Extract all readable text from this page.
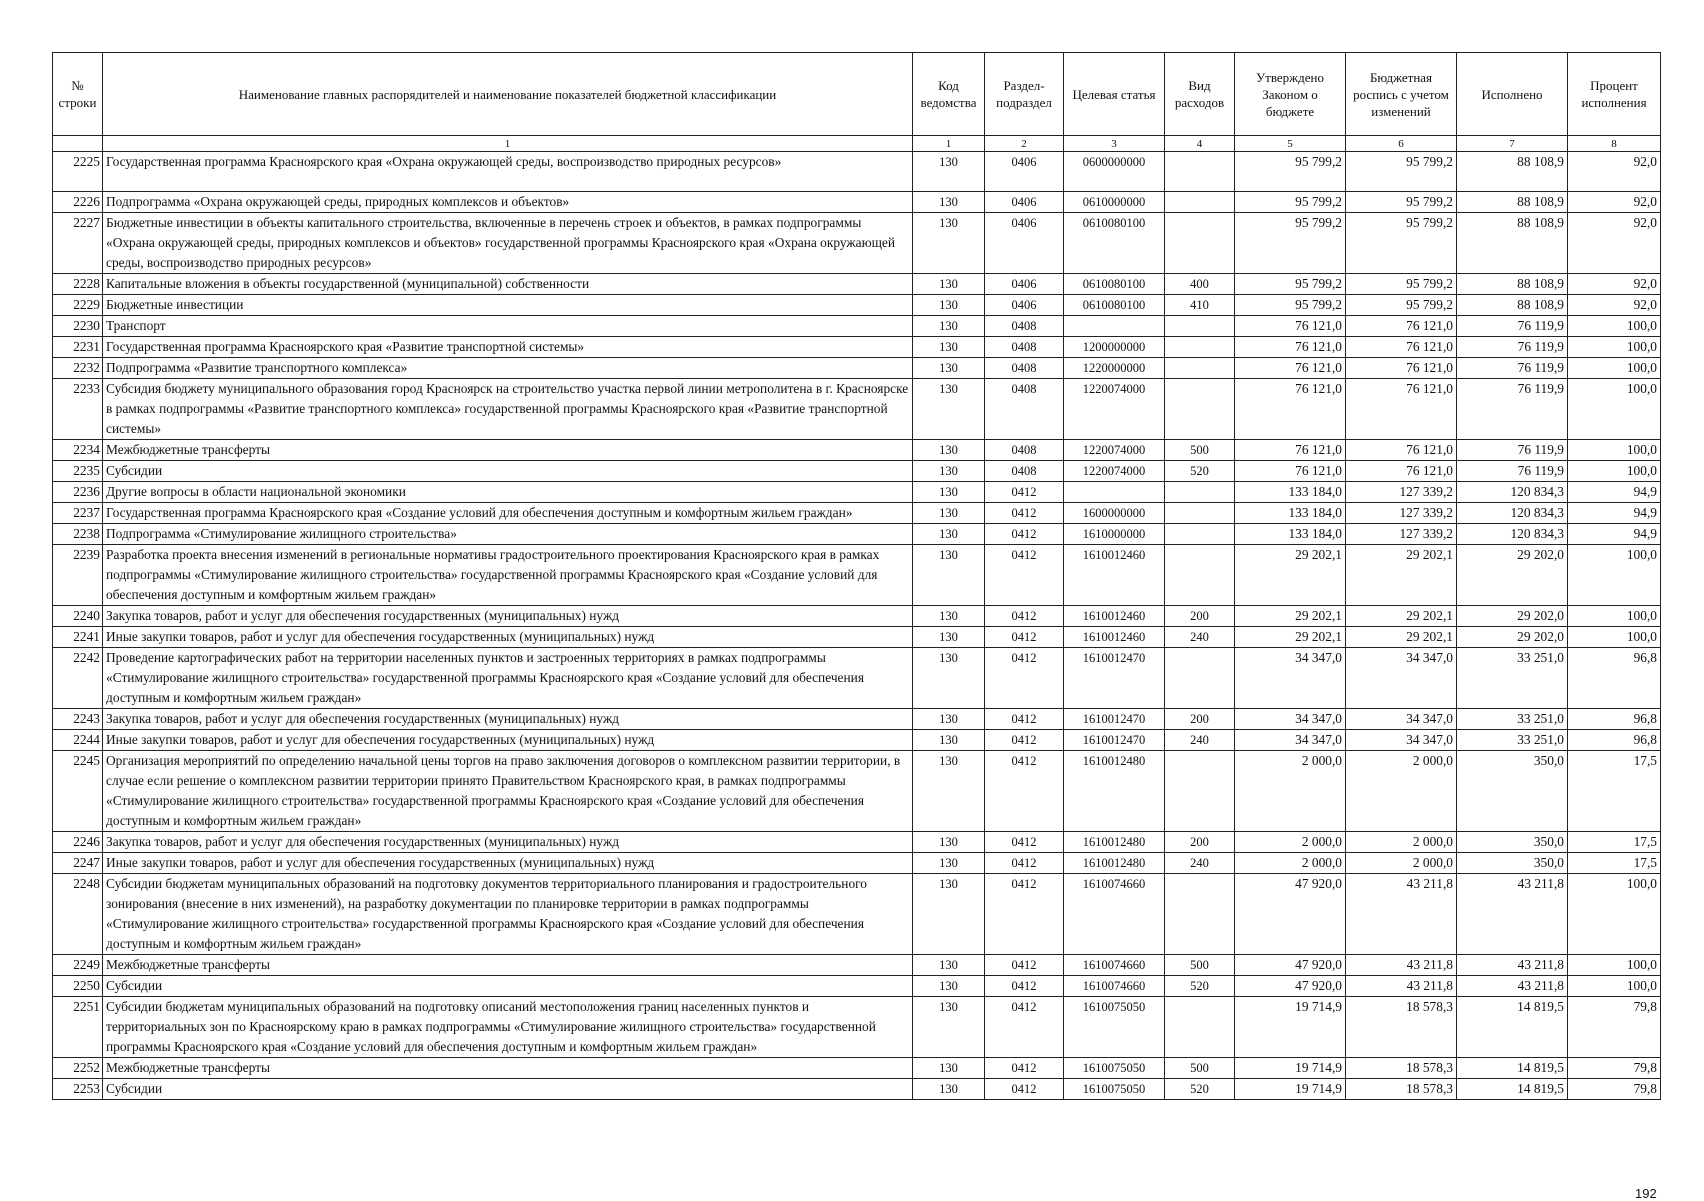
№ строки	Наименование главных распорядителей и наименование показателей бюджетной классификации	Код ведомства	Раздел-подраздел	Целевая статья	Вид расходов	Утверждено Законом о бюджете	Бюджетная роспись с учетом изменений	Исполнено	Процент исполнения
	1	1	2	3	4	5	6	7	8
2225	Государственная программа Красноярского края «Охрана окружающей среды, воспроизводство природных ресурсов»	130	0406	0600000000		95 799,2	95 799,2	88 108,9	92,0
2226	Подпрограмма «Охрана окружающей среды, природных комплексов и объектов»	130	0406	0610000000		95 799,2	95 799,2	88 108,9	92,0
2227	Бюджетные инвестиции в объекты капитального строительства, включенные в перечень строек и объектов, в рамках подпрограммы «Охрана окружающей среды, природных комплексов и объектов» государственной программы Красноярского края «Охрана окружающей среды, воспроизводство природных ресурсов»	130	0406	0610080100		95 799,2	95 799,2	88 108,9	92,0
2228	Капитальные вложения в объекты государственной (муниципальной) собственности	130	0406	0610080100	400	95 799,2	95 799,2	88 108,9	92,0
2229	Бюджетные инвестиции	130	0406	0610080100	410	95 799,2	95 799,2	88 108,9	92,0
2230	Транспорт	130	0408			76 121,0	76 121,0	76 119,9	100,0
2231	Государственная программа Красноярского края «Развитие транспортной системы»	130	0408	1200000000		76 121,0	76 121,0	76 119,9	100,0
2232	Подпрограмма «Развитие транспортного комплекса»	130	0408	1220000000		76 121,0	76 121,0	76 119,9	100,0
2233	Субсидия бюджету муниципального образования город Красноярск на строительство участка первой линии метрополитена в г. Красноярске в рамках подпрограммы «Развитие транспортного комплекса» государственной программы Красноярского края «Развитие транспортной системы»	130	0408	1220074000		76 121,0	76 121,0	76 119,9	100,0
2234	Межбюджетные трансферты	130	0408	1220074000	500	76 121,0	76 121,0	76 119,9	100,0
2235	Субсидии	130	0408	1220074000	520	76 121,0	76 121,0	76 119,9	100,0
2236	Другие вопросы в области национальной экономики	130	0412			133 184,0	127 339,2	120 834,3	94,9
2237	Государственная программа Красноярского края «Создание условий для обеспечения доступным и комфортным жильем граждан»	130	0412	1600000000		133 184,0	127 339,2	120 834,3	94,9
2238	Подпрограмма «Стимулирование жилищного строительства»	130	0412	1610000000		133 184,0	127 339,2	120 834,3	94,9
2239	Разработка проекта внесения изменений в региональные нормативы градостроительного проектирования Красноярского края в рамках подпрограммы «Стимулирование жилищного строительства» государственной программы Красноярского края «Создание условий для обеспечения доступным и комфортным жильем граждан»	130	0412	1610012460		29 202,1	29 202,1	29 202,0	100,0
2240	Закупка товаров, работ и услуг для обеспечения государственных (муниципальных) нужд	130	0412	1610012460	200	29 202,1	29 202,1	29 202,0	100,0
2241	Иные закупки товаров, работ и услуг для обеспечения государственных (муниципальных) нужд	130	0412	1610012460	240	29 202,1	29 202,1	29 202,0	100,0
2242	Проведение картографических работ на территории населенных пунктов и застроенных территориях в рамках подпрограммы «Стимулирование жилищного строительства» государственной программы Красноярского края «Создание условий для обеспечения доступным и комфортным жильем граждан»	130	0412	1610012470		34 347,0	34 347,0	33 251,0	96,8
2243	Закупка товаров, работ и услуг для обеспечения государственных (муниципальных) нужд	130	0412	1610012470	200	34 347,0	34 347,0	33 251,0	96,8
2244	Иные закупки товаров, работ и услуг для обеспечения государственных (муниципальных) нужд	130	0412	1610012470	240	34 347,0	34 347,0	33 251,0	96,8
2245	Организация мероприятий по определению начальной цены торгов на право заключения договоров о комплексном развитии территории, в случае если решение о комплексном развитии территории принято Правительством Красноярского края, в рамках подпрограммы «Стимулирование жилищного строительства» государственной программы Красноярского края «Создание условий для обеспечения доступным и комфортным жильем граждан»	130	0412	1610012480		2 000,0	2 000,0	350,0	17,5
2246	Закупка товаров, работ и услуг для обеспечения государственных (муниципальных) нужд	130	0412	1610012480	200	2 000,0	2 000,0	350,0	17,5
2247	Иные закупки товаров, работ и услуг для обеспечения государственных (муниципальных) нужд	130	0412	1610012480	240	2 000,0	2 000,0	350,0	17,5
2248	Субсидии бюджетам муниципальных образований на подготовку документов территориального планирования и градостроительного зонирования (внесение в них изменений), на разработку документации по планировке территории в рамках подпрограммы «Стимулирование жилищного строительства» государственной программы Красноярского края «Создание условий для обеспечения доступным и комфортным жильем граждан»	130	0412	1610074660		47 920,0	43 211,8	43 211,8	100,0
2249	Межбюджетные трансферты	130	0412	1610074660	500	47 920,0	43 211,8	43 211,8	100,0
2250	Субсидии	130	0412	1610074660	520	47 920,0	43 211,8	43 211,8	100,0
2251	Субсидии бюджетам муниципальных образований на подготовку описаний местоположения границ населенных пунктов и территориальных зон по Красноярскому краю в рамках подпрограммы «Стимулирование жилищного строительства» государственной программы Красноярского края «Создание условий для обеспечения доступным и комфортным жильем граждан»	130	0412	1610075050		19 714,9	18 578,3	14 819,5	79,8
2252	Межбюджетные трансферты	130	0412	1610075050	500	19 714,9	18 578,3	14 819,5	79,8
2253	Субсидии	130	0412	1610075050	520	19 714,9	18 578,3	14 819,5	79,8
192
